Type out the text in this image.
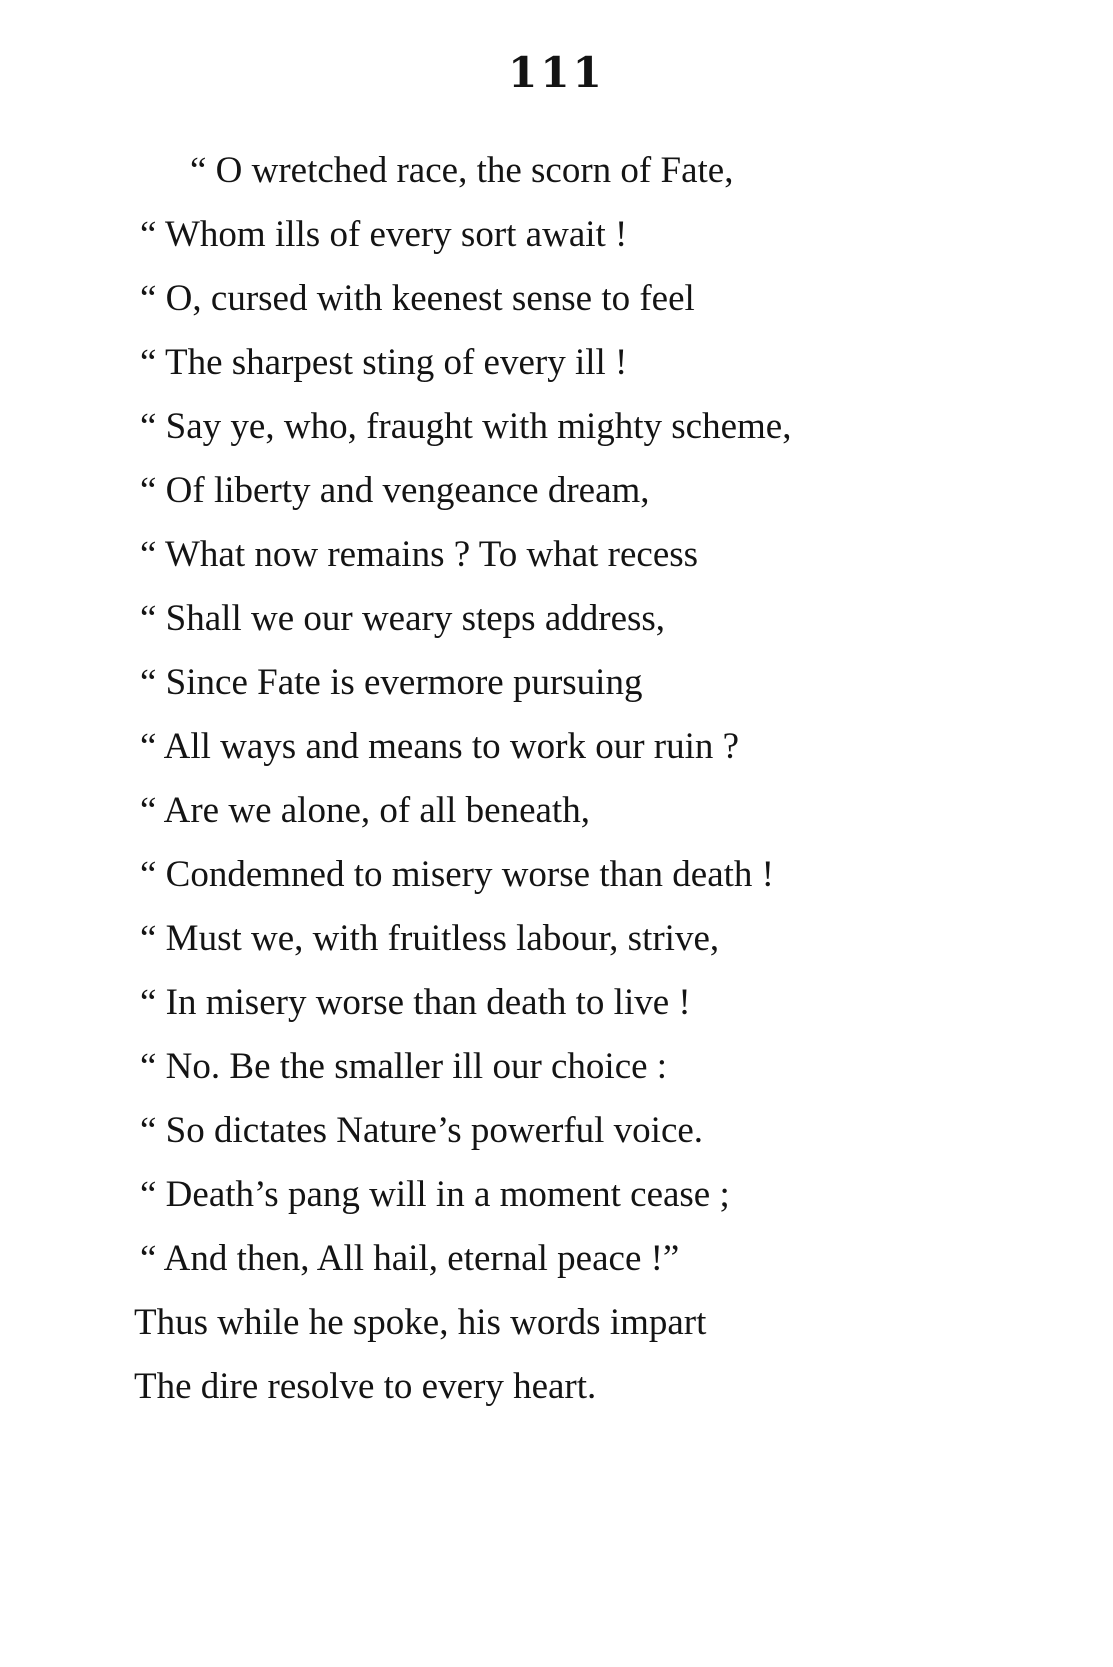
111
“ O wretched race, the scorn of Fate,
“ Whom ills of every sort await !
“ O, cursed with keenest sense to feel
“ The sharpest sting of every ill !
“ Say ye, who, fraught with mighty scheme,
“ Of liberty and vengeance dream,
“ What now remains ? To what recess
“ Shall we our weary steps address,
“ Since Fate is evermore pursuing
“ All ways and means to work our ruin ?
“ Are we alone, of all beneath,
“ Condemned to misery worse than death !
“ Must we, with fruitless labour, strive,
“ In misery worse than death to live !
“ No. Be the smaller ill our choice :
“ So dictates Nature’s powerful voice.
“ Death’s pang will in a moment cease ;
“ And then, All hail, eternal peace !”
Thus while he spoke, his words impart
The dire resolve to every heart.
